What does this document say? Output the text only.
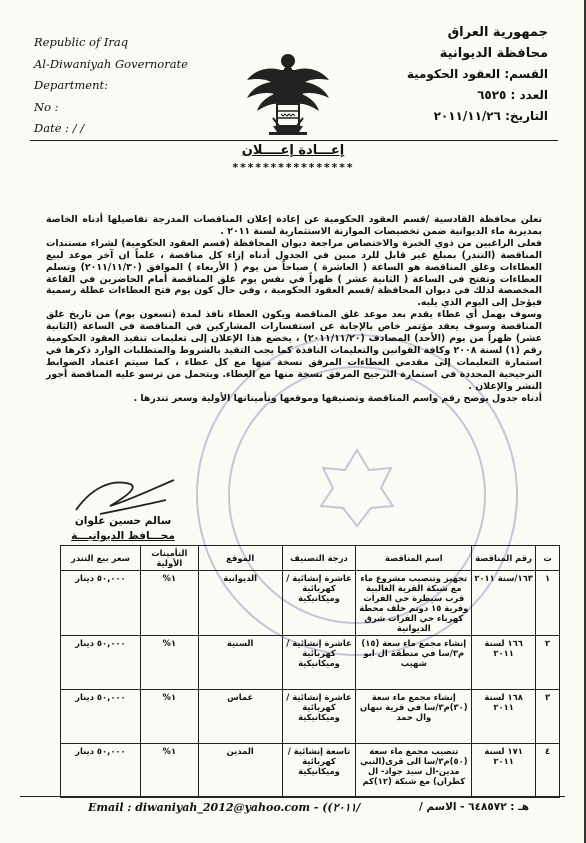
Republic of Iraq
Al-Diwaniyah Governorate
Department:
No :
Date : / /
جمهورية العراق
محافظة الديوانية
القسم: العقود الحكومية
العدد : ٦٥٢٥
التاريخ: ٢٠١١/١١/٢٦
إعـــادة إعــــلان
****************

تعلن محافظة القادسية /قسم العقود الحكومية عن إعادة إعلان المناقصات المدرجة تفاصيلها أدناه الخاصة بمديرية ماء الديوانية ضمن تخصيصات الموازنة الاستثمارية لسنة ٢٠١١ .

فعلى الراغبين من ذوي الخبرة والاختصاص مراجعة ديوان المحافظة (قسم العقود الحكومية) لشراء مستندات المناقصة (التندر) بمبلغ غير قابل للرد مبين في الجدول أدناه إزاء كل مناقصة ، علماً ان آخر موعد لبيع العطاءات وغلق المناقصة هو الساعة ( العاشرة ) صباحاً من يوم ( الأربعاء ) الموافق (٢٠١١/١١/٣٠) وتسلم العطاءات وتفتح في الساعة ( الثانية عشر ) ظهراً في نفس يوم غلق المناقصة أمام الحاضرين في القاعة المخصصة لذلك في ديوان المحافظة /قسم العقود الحكومية ، وفي حال كون يوم فتح العطاءات عطلة رسمية فيؤجل إلى اليوم الذي يليه.

وسوف يهمل أي عطاء يقدم بعد موعد غلق المناقصة ويكون العطاء نافذ لمدة (تسعون يوم) من تاريخ غلق المناقصة وسوف يعقد مؤتمر خاص بالإجابة عن استفسارات المشاركين في المناقصة في الساعة (الثانية عشر) ظهراً من يوم (الأحد) المصادف (٢٠١١/١١/٢٠) ، يخضع هذا الإعلان إلى تعليمات تنفيذ العقود الحكومية رقم (١) لسنة ٢٠٠٨ وكافة القوانين والتعليمات النافذة كما يجب التقيد بالشروط والمتطلبات الوارد ذكرها في استمارة التعليمات إلى مقدمي العطاءات المرفق نسخة منها مع كل عطاء ، كما سيتم اعتماد الضوابط الترجيحية المحددة في استمارة الترجيح المرفق نسخة منها مع العطاء. ويتحمل من ترسو عليه المناقصة أجور النشر والإعلان .

أدناه جدول يوضح رقم واسم المناقصة وتصنيفها وموقعها وتأميناتها الأولية وسعر تندرها .

سالم حسين علوان
محـــافظ الديوانيـــة
ت	رقم المناقصة	اسم المناقصة	درجة التصنيف	الموقع	التأمينات الأولية	سعر بيع التندر
١	١٦٣/سنة ٢٠١١	تجهيز وتنصيب مشروع ماء مع شبكة القرية الغالبية قرب سيطرة حي الفرات وقرية ١٥ دونم خلف محطة كهرباء حي الفرات شرق الديوانية	عاشرة إنشائية / كهربائية وميكانيكية	الديوانية	١%	٥٠,٠٠٠ دينار
٢	١٦٦ لسنة ٢٠١١	إنشاء مجمع ماء سعة (١٥) م٣/سا في منطقة ال ابو شهيب	عاشرة إنشائية / كهربائية وميكانيكية	السنية	١%	٥٠,٠٠٠ دينار
٣	١٦٨ لسنة ٢٠١١	إنشاء مجمع ماء سعة (٣٠)م٣/سا في قرية نبهان وال حمد	عاشرة إنشائية / كهربائية وميكانيكية	غماس	١%	٥٠,٠٠٠ دينار
٤	١٧١ لسنة ٢٠١١	تنصيب مجمع ماء سعة (٥٠)م٣/سا الى قرى(النبي مدين-ال سيد جواد- ال كطران) مع شبكة (١٢)كم	تاسعة إنشائية / كهربائية وميكانيكية	المدين	١%	٥٠,٠٠٠ دينار
Email : diwaniyah_2012@yahoo.com - ((٢٠١١/	هـ : ٦٤٨٥٧٢ - الاسم /
